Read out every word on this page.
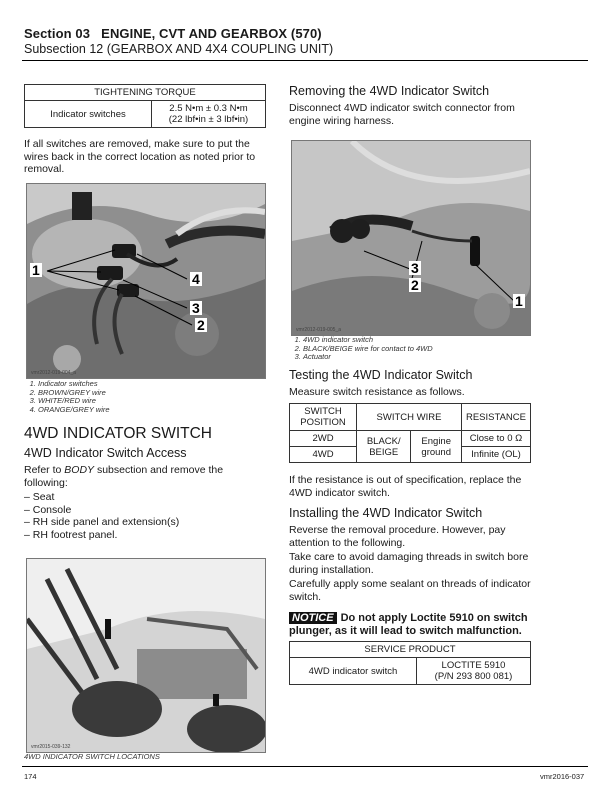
Section 03 ENGINE, CVT AND GEARBOX (570)
Subsection 12 (GEARBOX AND 4X4 COUPLING UNIT)
TIGHTENING TORQUE
Indicator switches	2.5 N•m ± 0.3 N•m
(22 lbf•in ± 3 lbf•in)
If all switches are removed, make sure to put the wires back in the correct location as noted prior to removal.
1
4
3
2
vmr2012-019-004_a
1. Indicator switches
2. BROWN/GREY wire
3. WHITE/RED wire
4. ORANGE/GREY wire
4WD INDICATOR SWITCH
4WD Indicator Switch Access
Refer to BODY subsection and remove the following:
– Seat
– Console
– RH side panel and extension(s)
– RH footrest panel.
vmr2015-039-132
4WD INDICATOR SWITCH LOCATIONS
Removing the 4WD Indicator Switch
Disconnect 4WD indicator switch connector from engine wiring harness.
3
2
1
vmr2012-019-005_a
1. 4WD indicator switch
2. BLACK/BEIGE wire for contact to 4WD
3. Actuator
Testing the 4WD Indicator Switch
Measure switch resistance as follows.
SWITCH POSITION	SWITCH WIRE		RESISTANCE
2WD	BLACK/ BEIGE	Engine ground	Close to 0 Ω
4WD			Infinite (OL)
If the resistance is out of specification, replace the 4WD indicator switch.
Installing the 4WD Indicator Switch
Reverse the removal procedure. However, pay attention to the following.
Take care to avoid damaging threads in switch bore during installation.
Carefully apply some sealant on threads of indicator switch.
NOTICE Do not apply Loctite 5910 on switch plunger, as it will lead to switch malfunction.
SERVICE PRODUCT
4WD indicator switch	LOCTITE 5910
(P/N 293 800 081)
174	vmr2016-037
